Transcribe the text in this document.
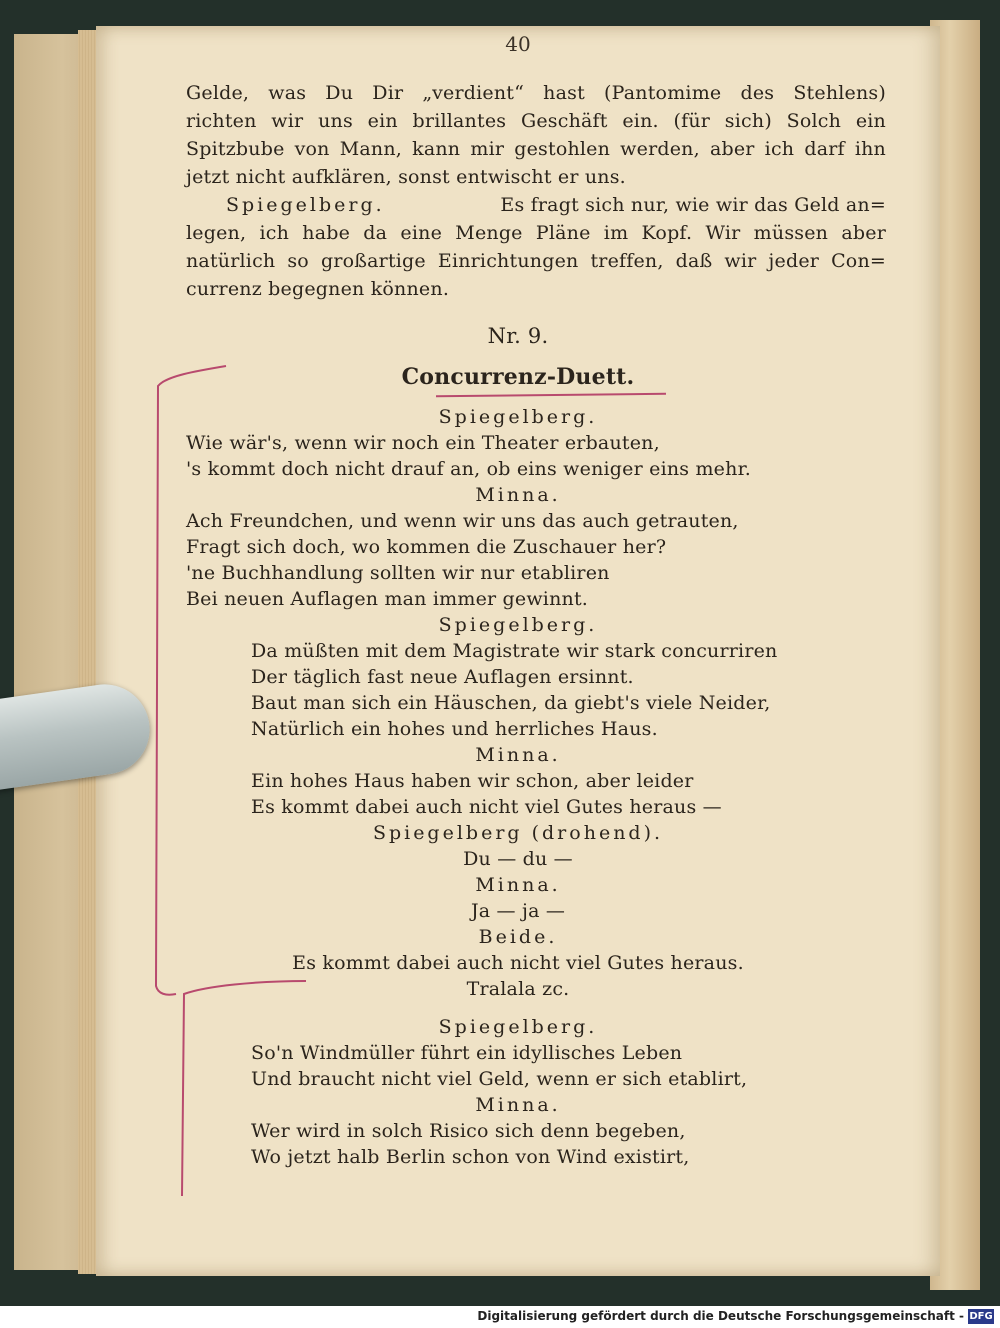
40
Gelde, was Du Dir „verdient“ hast (Pantomime des Stehlens)
richten wir uns ein brillantes Geschäft ein. (für sich) Solch ein
Spitzbube von Mann, kann mir gestohlen werden, aber ich darf ihn
jetzt nicht aufklären, sonst entwischt er uns.
Spiegelberg.	Es fragt sich nur, wie wir das Geld an=
legen, ich habe da eine Menge Pläne im Kopf. Wir müssen aber
natürlich so großartige Einrichtungen treffen, daß wir jeder Con=
currenz begegnen können.
Nr. 9.
Concurrenz-Duett.
Spiegelberg.
Wie wär's, wenn wir noch ein Theater erbauten,
's kommt doch nicht drauf an, ob eins weniger eins mehr.
Minna.
Ach Freundchen, und wenn wir uns das auch getrauten,
Fragt sich doch, wo kommen die Zuschauer her?
'ne Buchhandlung sollten wir nur etabliren
Bei neuen Auflagen man immer gewinnt.
Spiegelberg.
Da müßten mit dem Magistrate wir stark concurriren
Der täglich fast neue Auflagen ersinnt.
Baut man sich ein Häuschen, da giebt's viele Neider,
Natürlich ein hohes und herrliches Haus.
Minna.
Ein hohes Haus haben wir schon, aber leider
Es kommt dabei auch nicht viel Gutes heraus —
Spiegelberg (drohend).
Du — du —
Minna.
Ja — ja —
Beide.
Es kommt dabei auch nicht viel Gutes heraus.
Tralala zc.
Spiegelberg.
So'n Windmüller führt ein idyllisches Leben
Und braucht nicht viel Geld, wenn er sich etablirt,
Minna.
Wer wird in solch Risico sich denn begeben,
Wo jetzt halb Berlin schon von Wind existirt,
Digitalisierung gefördert durch die Deutsche Forschungsgemeinschaft - DFG
